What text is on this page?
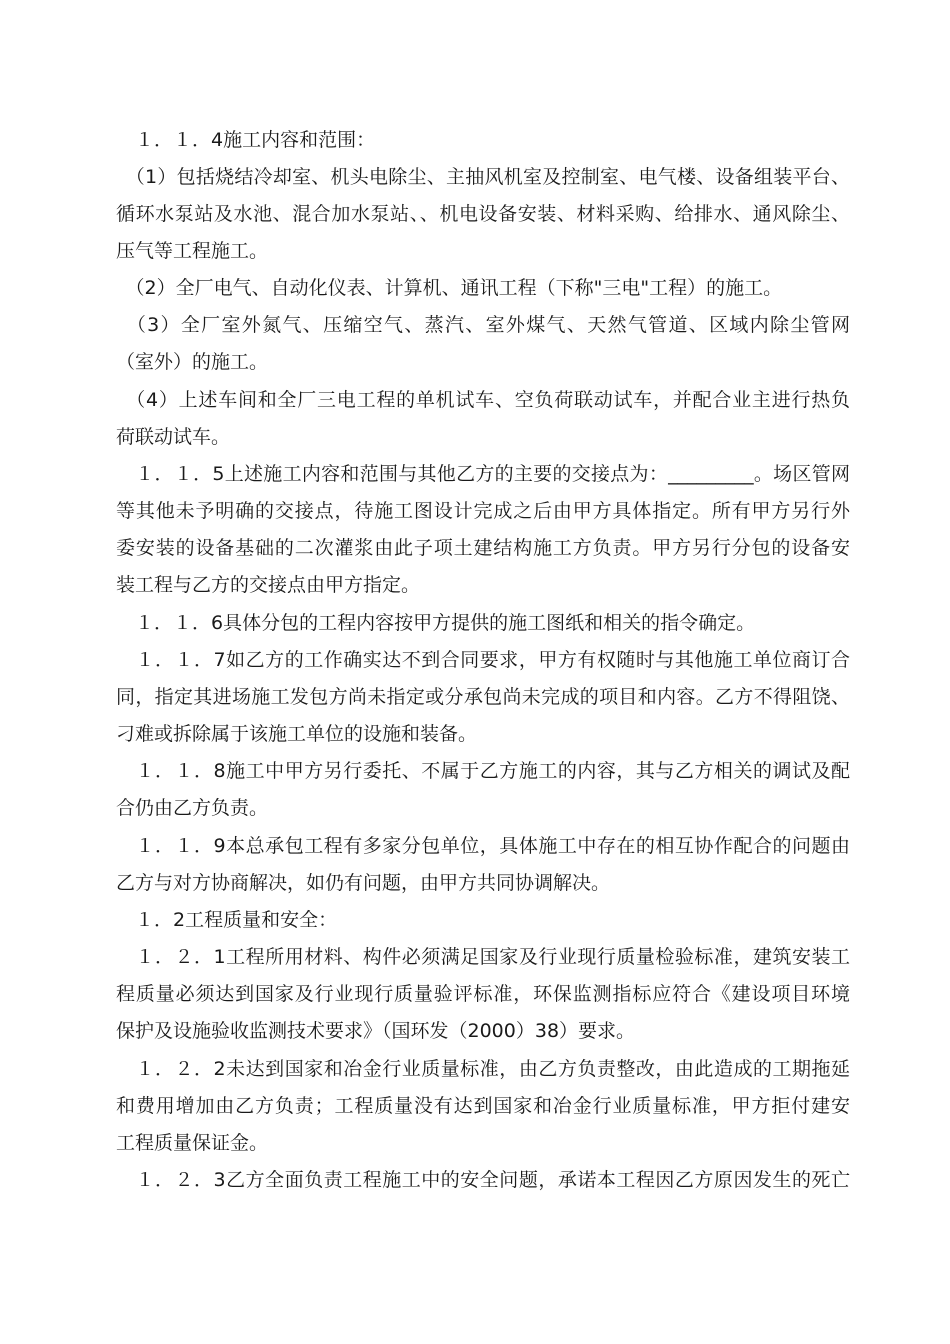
　１．１．4施工内容和范围：
　（1）包括烧结冷却室、机头电除尘、主抽风机室及控制室、电气楼、设备组装平台、
循环水泵站及水池、混合加水泵站、、机电设备安装、材料采购、给排水、通风除尘、
压气等工程施工。
　（2）全厂电气、自动化仪表、计算机、通讯工程（下称"三电"工程）的施工。
　（3）全厂室外氮气、压缩空气、蒸汽、室外煤气、天然气管道、区域内除尘管网
（室外）的施工。
　（4）上述车间和全厂三电工程的单机试车、空负荷联动试车，并配合业主进行热负
荷联动试车。
　１．１．5上述施工内容和范围与其他乙方的主要的交接点为：_________。场区管网
等其他未予明确的交接点，待施工图设计完成之后由甲方具体指定。所有甲方另行外
委安装的设备基础的二次灌浆由此子项土建结构施工方负责。甲方另行分包的设备安
装工程与乙方的交接点由甲方指定。
　１．１．6具体分包的工程内容按甲方提供的施工图纸和相关的指令确定。
　１．１．7如乙方的工作确实达不到合同要求，甲方有权随时与其他施工单位商订合
同，指定其进场施工发包方尚未指定或分承包尚未完成的项目和内容。乙方不得阻饶、
刁难或拆除属于该施工单位的设施和装备。
　１．１．8施工中甲方另行委托、不属于乙方施工的内容，其与乙方相关的调试及配
合仍由乙方负责。
　１．１．9本总承包工程有多家分包单位，具体施工中存在的相互协作配合的问题由
乙方与对方协商解决，如仍有问题，由甲方共同协调解决。
　１．2工程质量和安全：
　１．２．1工程所用材料、构件必须满足国家及行业现行质量检验标准，建筑安装工
程质量必须达到国家及行业现行质量验评标准，环保监测指标应符合《建设项目环境
保护及设施验收监测技术要求》（国环发（2000）38）要求。
　１．２．2未达到国家和冶金行业质量标准，由乙方负责整改，由此造成的工期拖延
和费用增加由乙方负责；工程质量没有达到国家和冶金行业质量标准，甲方拒付建安
工程质量保证金。
　１．２．3乙方全面负责工程施工中的安全问题，承诺本工程因乙方原因发生的死亡
